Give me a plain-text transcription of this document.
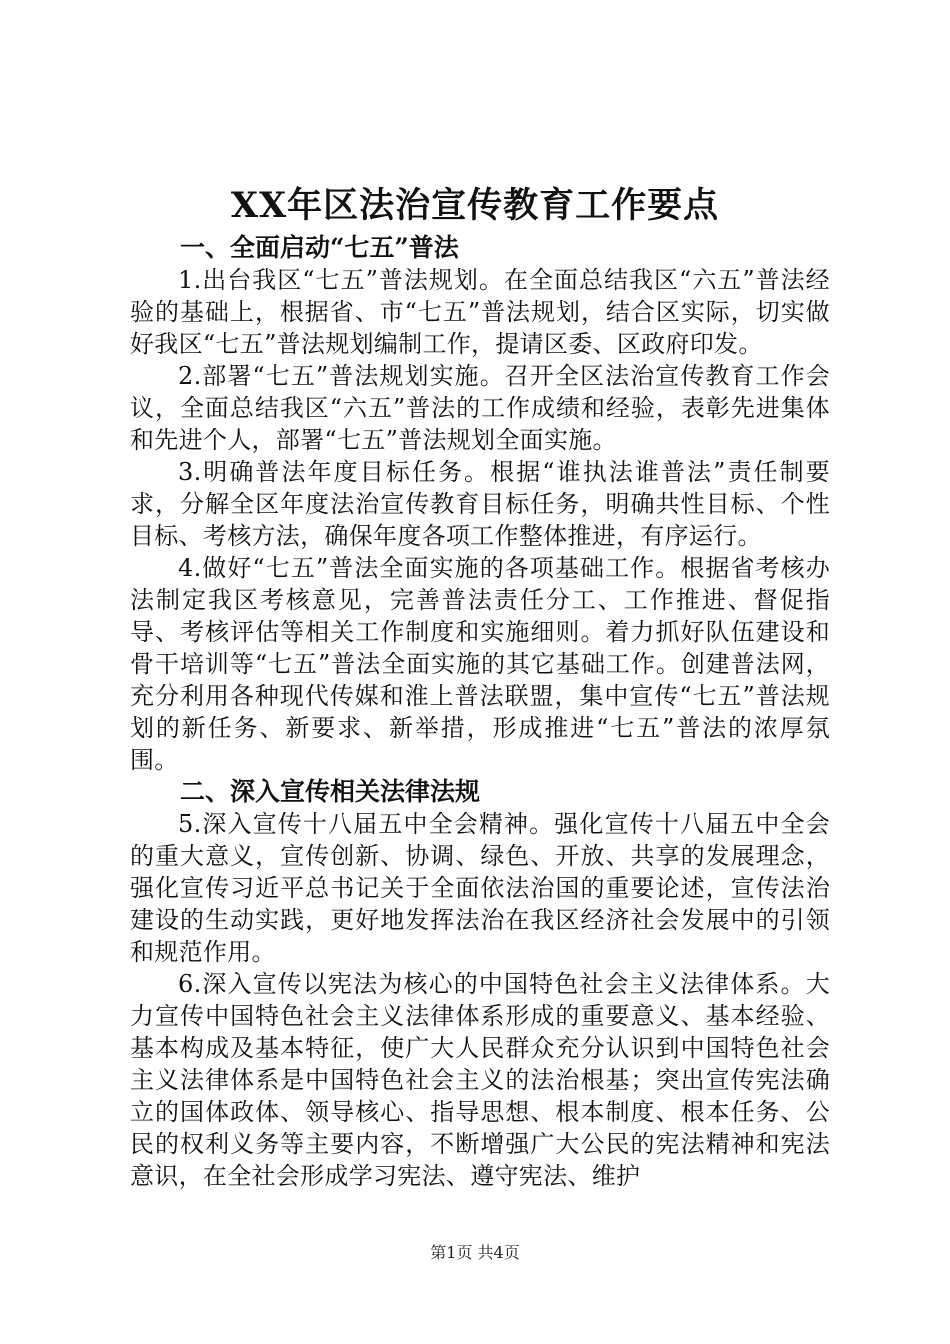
XX年区法治宣传教育工作要点
一、全面启动“七五”普法

1.出台我区“七五”普法规划。在全面总结我区“六五”普法经验的基础上，根据省、市“七五”普法规划，结合区实际，切实做好我区“七五”普法规划编制工作，提请区委、区政府印发。

2.部署“七五”普法规划实施。召开全区法治宣传教育工作会议，全面总结我区“六五”普法的工作成绩和经验，表彰先进集体和先进个人，部署“七五”普法规划全面实施。

3.明确普法年度目标任务。根据“谁执法谁普法”责任制要求，分解全区年度法治宣传教育目标任务，明确共性目标、个性目标、考核方法，确保年度各项工作整体推进，有序运行。

4.做好“七五”普法全面实施的各项基础工作。根据省考核办法制定我区考核意见，完善普法责任分工、工作推进、督促指导、考核评估等相关工作制度和实施细则。着力抓好队伍建设和骨干培训等“七五”普法全面实施的其它基础工作。创建普法网，充分利用各种现代传媒和淮上普法联盟，集中宣传“七五”普法规划的新任务、新要求、新举措，形成推进“七五”普法的浓厚氛围。

二、深入宣传相关法律法规

5.深入宣传十八届五中全会精神。强化宣传十八届五中全会的重大意义，宣传创新、协调、绿色、开放、共享的发展理念，强化宣传习近平总书记关于全面依法治国的重要论述，宣传法治建设的生动实践，更好地发挥法治在我区经济社会发展中的引领和规范作用。

6.深入宣传以宪法为核心的中国特色社会主义法律体系。大力宣传中国特色社会主义法律体系形成的重要意义、基本经验、基本构成及基本特征，使广大人民群众充分认识到中国特色社会主义法律体系是中国特色社会主义的法治根基；突出宣传宪法确立的国体政体、领导核心、指导思想、根本制度、根本任务、公民的权利义务等主要内容，不断增强广大公民的宪法精神和宪法意识，在全社会形成学习宪法、遵守宪法、维护

第1页 共4页
